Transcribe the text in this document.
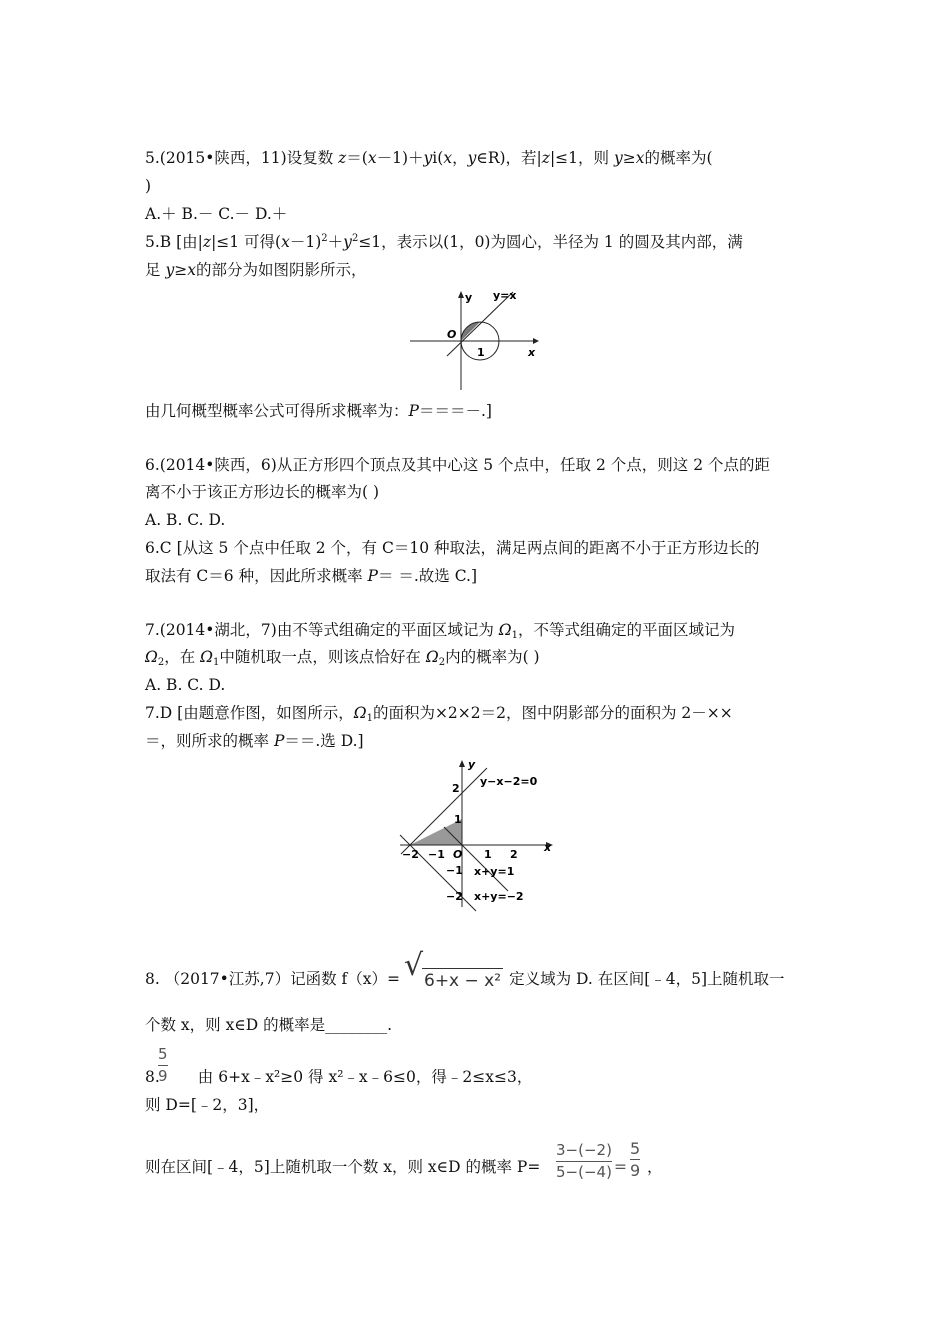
5.(2015•陕西，11)设复数 z＝(x－1)＋yi(x，y∈R)，若|z|≤1，则 y≥x的概率为(
)
A.＋ B.－ C.－ D.＋
5.B [由|z|≤1 可得$(x-1)^2+y^2\le 1$，表示以(1，0)为圆心，半径为 1 的圆及其内部，满
足 y≥x的部分为如图阴影所示，
y y=x
O
1	x
由几何概型概率公式可得所求概率为：P＝＝＝－.]
6.(2014•陕西，6)从正方形四个顶点及其中心这 5 个点中，任取 2 个点，则这 2 个点的距
离不小于该正方形边长的概率为( )
A. B. C. D.
6.C [从这 5 个点中任取 2 个，有 C＝10 种取法，满足两点间的距离不小于正方形边长的
取法有 C＝6 种，因此所求概率 P＝ ＝.故选 C.]
7.(2014•湖北，7)由不等式组确定的平面区域记为 $\Omega_1$，不等式组确定的平面区域记为
$\Omega_2$，在 $\Omega_1$中随机取一点，则该点恰好在 $\Omega_2$内的概率为( )
A. B. C. D.
7.D [由题意作图，如图所示，$\Omega_1$的面积为×2×2＝2，图中阴影部分的面积为 2－××
＝，则所求的概率 P＝＝.选 D.]
y
y−x−2=0
2
1
O
−2 −1	1 2
x
−1 x+y=1
−2 x+y=−2
8. （2017•江苏,7）记函数 f（x）= √ 6+x − x² 定义域为 D. 在区间[﹣4，5]上随机取一
个数 x，则 x∈D 的概率是________.
5
9
8. 由 6+x﹣x²≥0 得 x²﹣x﹣6≤0，得﹣2≤x≤3，
则 D=[﹣2，3]，
则在区间[﹣4，5]上随机取一个数 x，则 x∈D 的概率 P=
3−(−2)
5−(−4) =
5
9 ，
